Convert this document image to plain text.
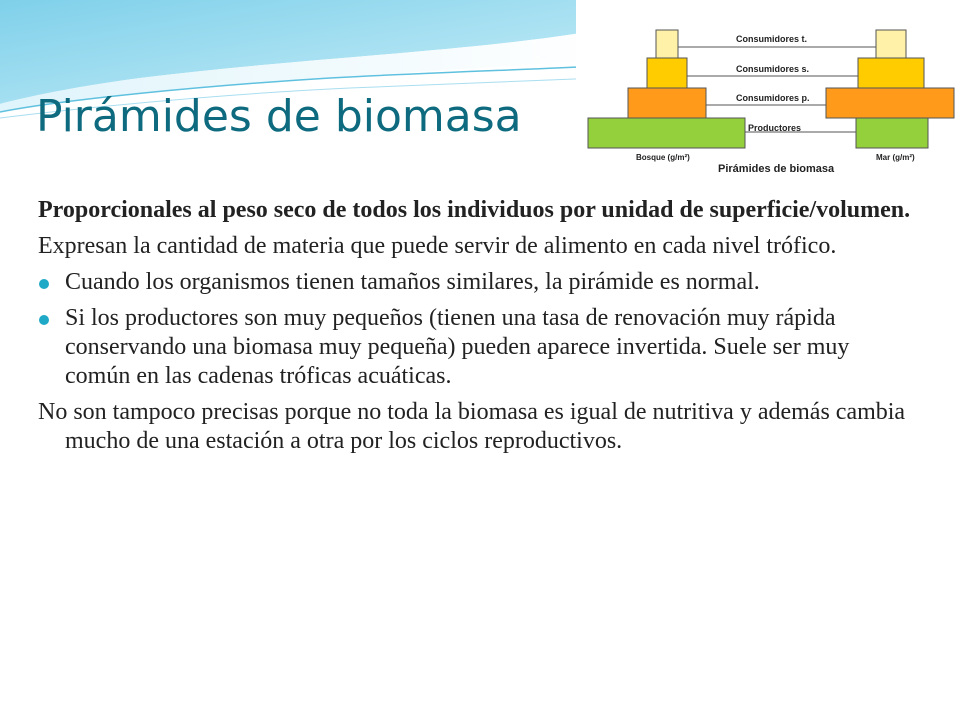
Pirámides de biomasa
Consumidores t.
Consumidores s.
Consumidores p.
Productores
Bosque (g/m²)
Pirámides de biomasa
Mar (g/m²)

Proporcionales al peso seco de todos los individuos por unidad de superficie/volumen.

Expresan la cantidad de materia que puede servir de alimento en cada nivel trófico.

Cuando los organismos tienen tamaños similares, la pirámide es normal.
Si los productores son muy pequeños (tienen una tasa de renovación muy rápida conservando una biomasa muy pequeña) pueden aparece invertida. Suele ser muy común en las cadenas tróficas acuáticas.

No son tampoco precisas porque no toda la biomasa es igual de nutritiva y además cambia mucho de una estación a otra por los ciclos reproductivos.
